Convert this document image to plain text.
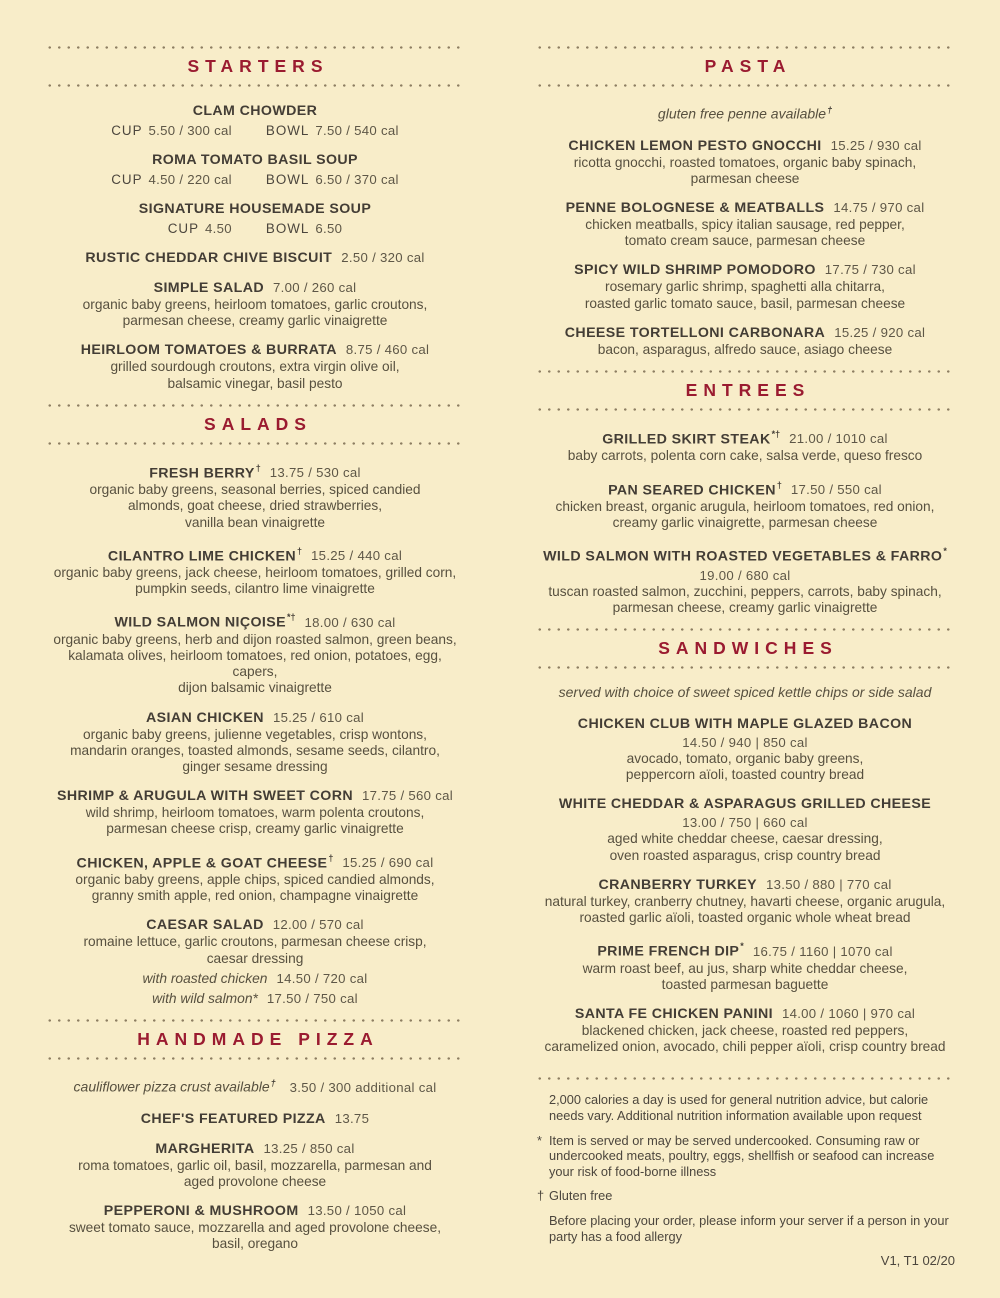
STARTERS
CLAM CHOWDER
CUP 5.50 / 300 cal	BOWL 7.50 / 540 cal
ROMA TOMATO BASIL SOUP
CUP 4.50 / 220 cal	BOWL 6.50 / 370 cal
SIGNATURE HOUSEMADE SOUP
CUP 4.50	BOWL 6.50
RUSTIC CHEDDAR CHIVE BISCUIT 2.50 / 320 cal
SIMPLE SALAD 7.00 / 260 cal
organic baby greens, heirloom tomatoes, garlic croutons,
parmesan cheese, creamy garlic vinaigrette
HEIRLOOM TOMATOES & BURRATA 8.75 / 460 cal
grilled sourdough croutons, extra virgin olive oil,
balsamic vinegar, basil pesto
SALADS
FRESH BERRY† 13.75 / 530 cal
organic baby greens, seasonal berries, spiced candied
almonds, goat cheese, dried strawberries,
vanilla bean vinaigrette
CILANTRO LIME CHICKEN† 15.25 / 440 cal
organic baby greens, jack cheese, heirloom tomatoes, grilled corn,
pumpkin seeds, cilantro lime vinaigrette
WILD SALMON NIÇOISE*† 18.00 / 630 cal
organic baby greens, herb and dijon roasted salmon, green beans,
kalamata olives, heirloom tomatoes, red onion, potatoes, egg, capers,
dijon balsamic vinaigrette
ASIAN CHICKEN 15.25 / 610 cal
organic baby greens, julienne vegetables, crisp wontons,
mandarin oranges, toasted almonds, sesame seeds, cilantro,
ginger sesame dressing
SHRIMP & ARUGULA WITH SWEET CORN 17.75 / 560 cal
wild shrimp, heirloom tomatoes, warm polenta croutons,
parmesan cheese crisp, creamy garlic vinaigrette
CHICKEN, APPLE & GOAT CHEESE† 15.25 / 690 cal
organic baby greens, apple chips, spiced candied almonds,
granny smith apple, red onion, champagne vinaigrette
CAESAR SALAD 12.00 / 570 cal
romaine lettuce, garlic croutons, parmesan cheese crisp,
caesar dressing
with roasted chicken 14.50 / 720 cal
with wild salmon* 17.50 / 750 cal
HANDMADE PIZZA
cauliflower pizza crust available† 3.50 / 300 additional cal
CHEF'S FEATURED PIZZA 13.75
MARGHERITA 13.25 / 850 cal
roma tomatoes, garlic oil, basil, mozzarella, parmesan and
aged provolone cheese
PEPPERONI & MUSHROOM 13.50 / 1050 cal
sweet tomato sauce, mozzarella and aged provolone cheese,
basil, oregano
PASTA
gluten free penne available†
CHICKEN LEMON PESTO GNOCCHI 15.25 / 930 cal
ricotta gnocchi, roasted tomatoes, organic baby spinach,
parmesan cheese
PENNE BOLOGNESE & MEATBALLS 14.75 / 970 cal
chicken meatballs, spicy italian sausage, red pepper,
tomato cream sauce, parmesan cheese
SPICY WILD SHRIMP POMODORO 17.75 / 730 cal
rosemary garlic shrimp, spaghetti alla chitarra,
roasted garlic tomato sauce, basil, parmesan cheese
CHEESE TORTELLONI CARBONARA 15.25 / 920 cal
bacon, asparagus, alfredo sauce, asiago cheese
ENTREES
GRILLED SKIRT STEAK*† 21.00 / 1010 cal
baby carrots, polenta corn cake, salsa verde, queso fresco
PAN SEARED CHICKEN† 17.50 / 550 cal
chicken breast, organic arugula, heirloom tomatoes, red onion,
creamy garlic vinaigrette, parmesan cheese
WILD SALMON WITH ROASTED VEGETABLES & FARRO*
19.00 / 680 cal
tuscan roasted salmon, zucchini, peppers, carrots, baby spinach,
parmesan cheese, creamy garlic vinaigrette
SANDWICHES
served with choice of sweet spiced kettle chips or side salad
CHICKEN CLUB WITH MAPLE GLAZED BACON
14.50 / 940 | 850 cal
avocado, tomato, organic baby greens,
peppercorn aïoli, toasted country bread
WHITE CHEDDAR & ASPARAGUS GRILLED CHEESE
13.00 / 750 | 660 cal
aged white cheddar cheese, caesar dressing,
oven roasted asparagus, crisp country bread
CRANBERRY TURKEY 13.50 / 880 | 770 cal
natural turkey, cranberry chutney, havarti cheese, organic arugula,
roasted garlic aïoli, toasted organic whole wheat bread
PRIME FRENCH DIP* 16.75 / 1160 | 1070 cal
warm roast beef, au jus, sharp white cheddar cheese,
toasted parmesan baguette
SANTA FE CHICKEN PANINI 14.00 / 1060 | 970 cal
blackened chicken, jack cheese, roasted red peppers,
caramelized onion, avocado, chili pepper aïoli, crisp country bread
2,000 calories a day is used for general nutrition advice, but calorie needs vary. Additional nutrition information available upon request
* Item is served or may be served undercooked. Consuming raw or undercooked meats, poultry, eggs, shellfish or seafood can increase your risk of food-borne illness
† Gluten free
Before placing your order, please inform your server if a person in your party has a food allergy
V1, T1 02/20
